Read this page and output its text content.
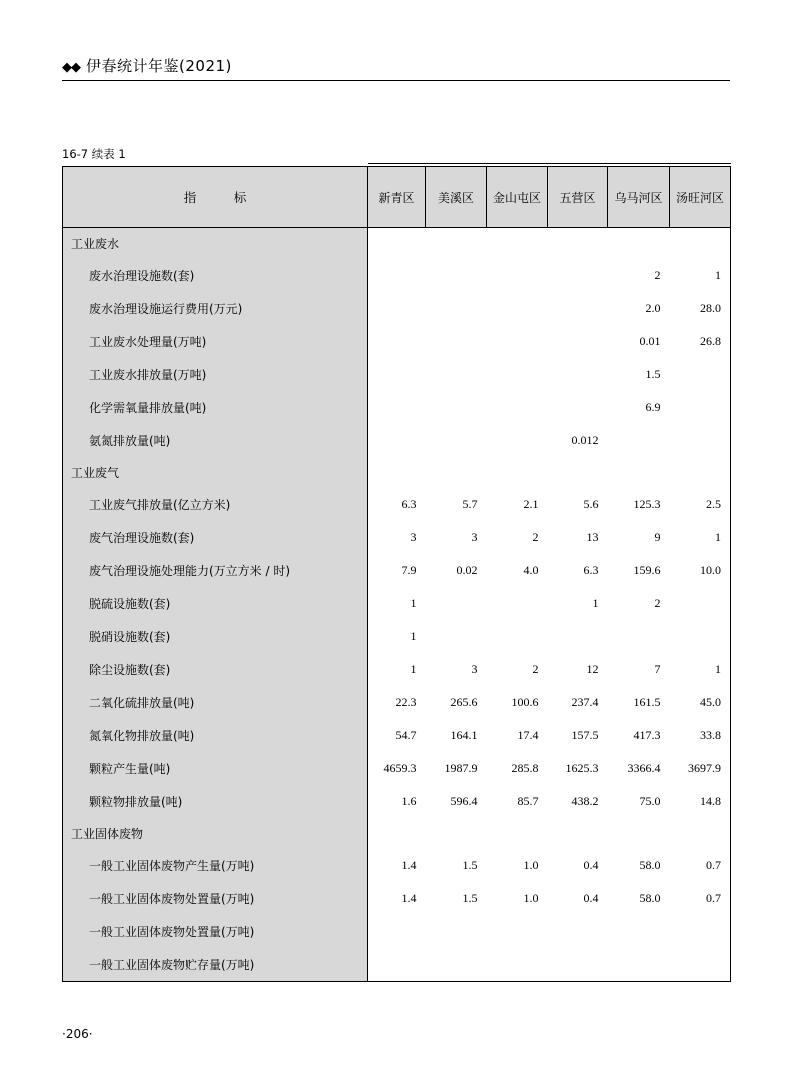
◆◆ 伊春统计年鉴(2021)
16-7 续表 1

指　　　标	新青区	美溪区	金山屯区	五营区	乌马河区	汤旺河区
工业废水						
废水治理设施数(套)					2	1
废水治理设施运行费用(万元)					2.0	28.0
工业废水处理量(万吨)					0.01	26.8
工业废水排放量(万吨)					1.5	
化学需氧量排放量(吨)					6.9	
氨氮排放量(吨)				0.012		
工业废气						
工业废气排放量(亿立方米)	6.3	5.7	2.1	5.6	125.3	2.5
废气治理设施数(套)	3	3	2	13	9	1
废气治理设施处理能力(万立方米 / 时)	7.9	0.02	4.0	6.3	159.6	10.0
脱硫设施数(套)	1			1	2	
脱硝设施数(套)	1					
除尘设施数(套)	1	3	2	12	7	1
二氧化硫排放量(吨)	22.3	265.6	100.6	237.4	161.5	45.0
氮氧化物排放量(吨)	54.7	164.1	17.4	157.5	417.3	33.8
颗粒产生量(吨)	4659.3	1987.9	285.8	1625.3	3366.4	3697.9
颗粒物排放量(吨)	1.6	596.4	85.7	438.2	75.0	14.8
工业固体废物						
一般工业固体废物产生量(万吨)	1.4	1.5	1.0	0.4	58.0	0.7
一般工业固体废物处置量(万吨)	1.4	1.5	1.0	0.4	58.0	0.7
一般工业固体废物处置量(万吨)						
一般工业固体废物贮存量(万吨)						

·206·
